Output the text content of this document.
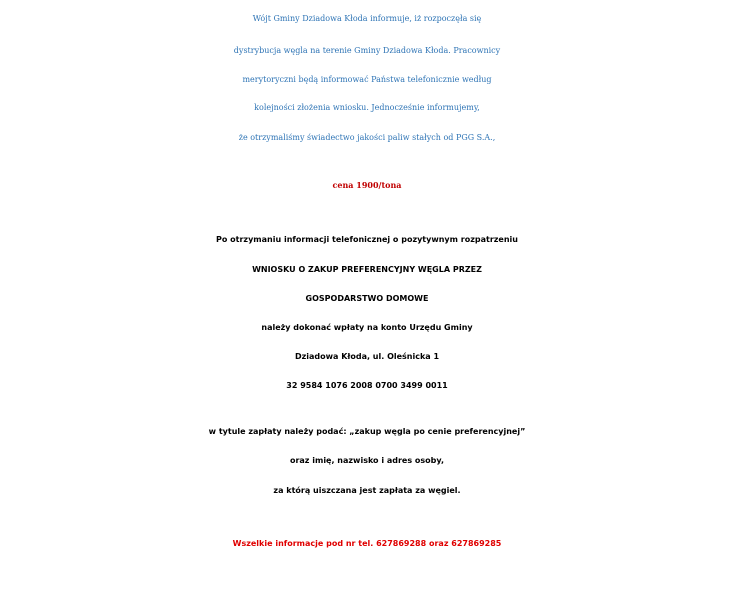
Wójt Gminy Dziadowa Kłoda informuje, iż rozpoczęła się

dystrybucja węgla na terenie Gminy Dziadowa Kłoda. Pracownicy

merytoryczni będą informować Państwa telefonicznie według

kolejności złożenia wniosku. Jednocześnie informujemy,

że otrzymaliśmy świadectwo jakości paliw stałych od PGG S.A.,

cena 1900/tona

Po otrzymaniu informacji telefonicznej o pozytywnym rozpatrzeniu

WNIOSKU O ZAKUP PREFERENCYJNY WĘGLA PRZEZ

GOSPODARSTWO DOMOWE

należy dokonać wpłaty na konto Urzędu Gminy

Dziadowa Kłoda, ul. Oleśnicka 1

32 9584 1076 2008 0700 3499 0011

w tytule zapłaty należy podać: „zakup węgla po cenie preferencyjnej”

oraz imię, nazwisko i adres osoby,

za którą uiszczana jest zapłata za węgiel.

Wszelkie informacje pod nr tel. 627869288 oraz 627869285
